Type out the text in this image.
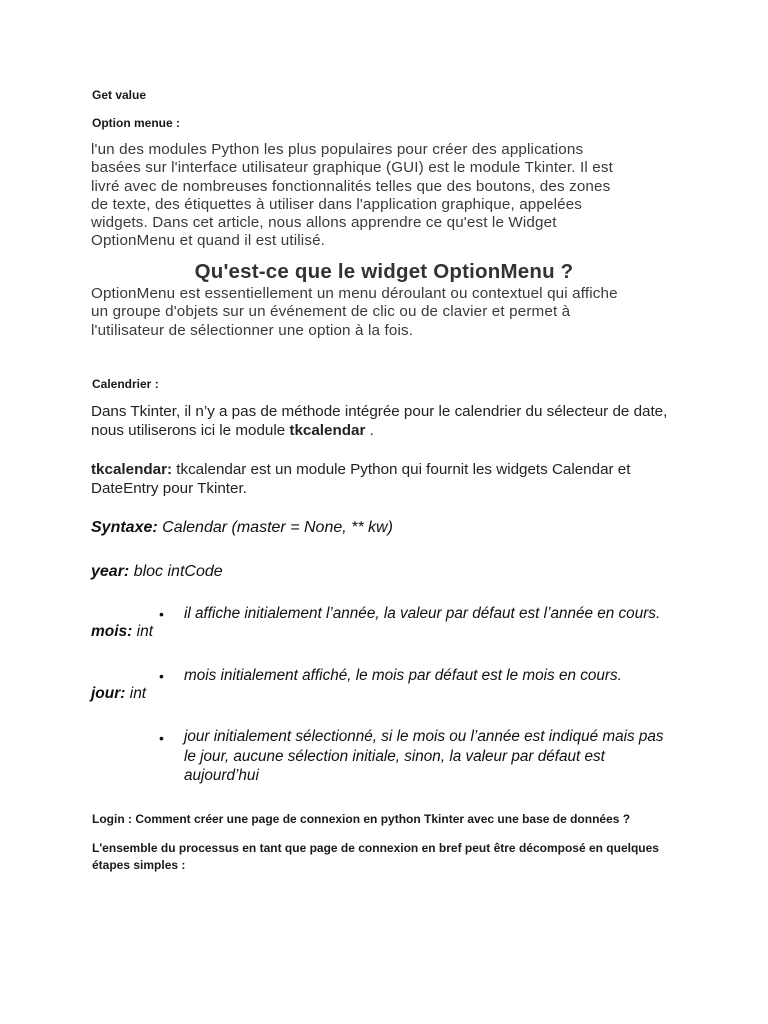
Get value

Option menue :

l'un des modules Python les plus populaires pour créer des applications
basées sur l'interface utilisateur graphique (GUI) est le module Tkinter. Il est
livré avec de nombreuses fonctionnalités telles que des boutons, des zones
de texte, des étiquettes à utiliser dans l'application graphique, appelées
widgets. Dans cet article, nous allons apprendre ce qu'est le Widget
OptionMenu et quand il est utilisé.
Qu'est-ce que le widget OptionMenu ?
OptionMenu est essentiellement un menu déroulant ou contextuel qui affiche
un groupe d'objets sur un événement de clic ou de clavier et permet à
l'utilisateur de sélectionner une option à la fois.

Calendrier :

Dans Tkinter, il n’y a pas de méthode intégrée pour le calendrier du sélecteur de date,
nous utiliserons ici le module tkcalendar .
tkcalendar: tkcalendar est un module Python qui fournit les widgets Calendar et
DateEntry pour Tkinter.
Syntaxe: Calendar (master = None, ** kw)
year: bloc intCode
• il affiche initialement l’année, la valeur par défaut est l’année en cours.
mois: int
• mois initialement affiché, le mois par défaut est le mois en cours.
jour: int
• jour initialement sélectionné, si le mois ou l’année est indiqué mais pas
le jour, aucune sélection initiale, sinon, la valeur par défaut est
aujourd’hui

Login : Comment créer une page de connexion en python Tkinter avec une base de données ?

L'ensemble du processus en tant que page de connexion en bref peut être décomposé en quelques
étapes simples :
